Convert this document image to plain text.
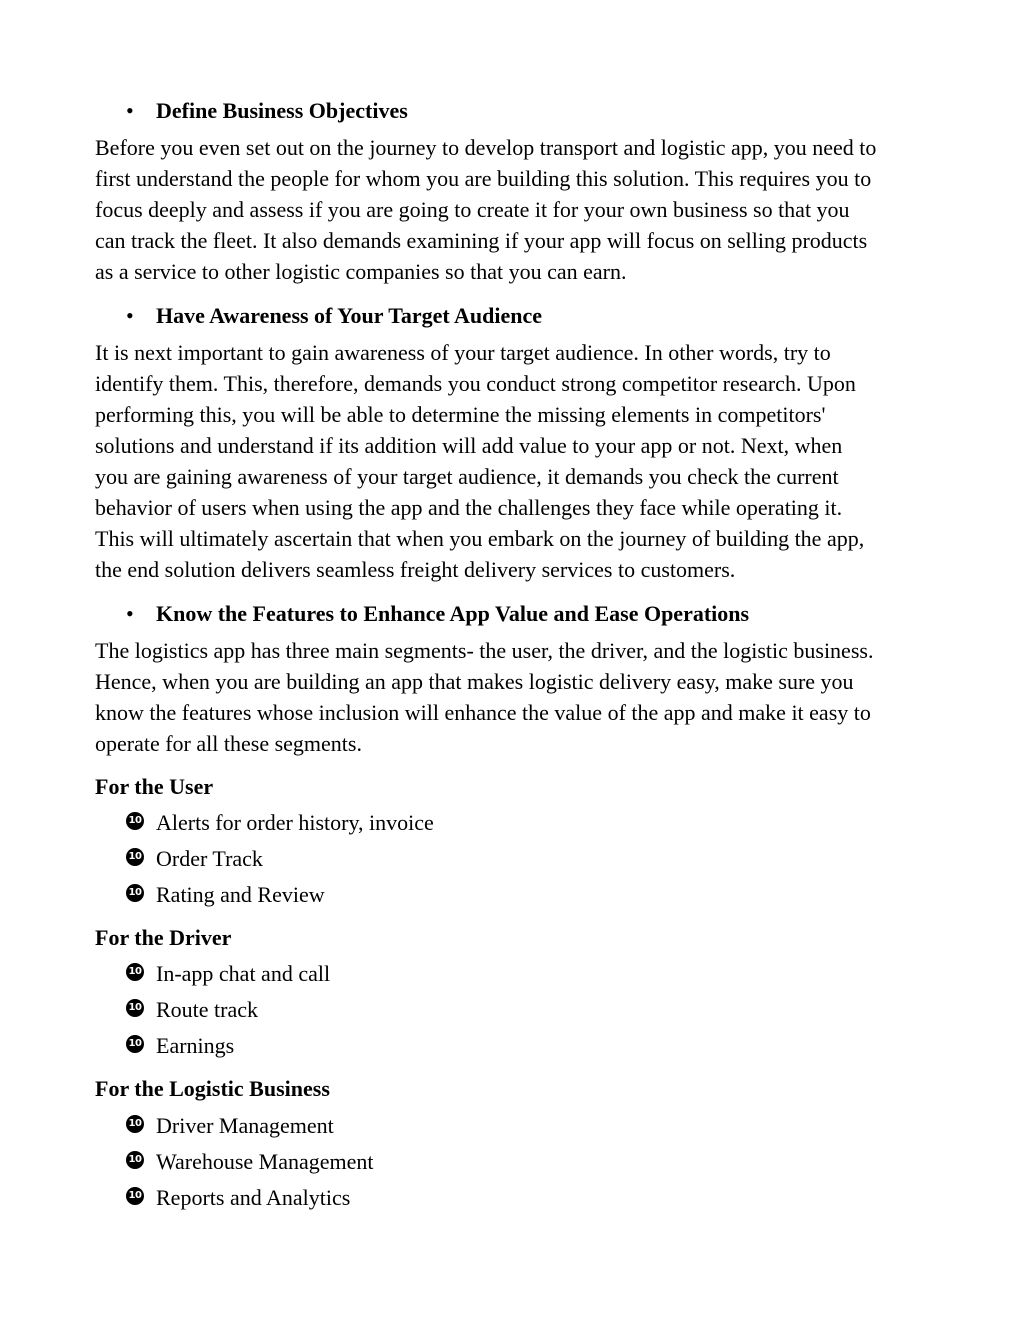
• Define Business Objectives
Before you even set out on the journey to develop transport and logistic app, you need to
first understand the people for whom you are building this solution. This requires you to
focus deeply and assess if you are going to create it for your own business so that you
can track the fleet. It also demands examining if your app will focus on selling products
as a service to other logistic companies so that you can earn.
• Have Awareness of Your Target Audience
It is next important to gain awareness of your target audience. In other words, try to
identify them. This, therefore, demands you conduct strong competitor research. Upon
performing this, you will be able to determine the missing elements in competitors'
solutions and understand if its addition will add value to your app or not. Next, when
you are gaining awareness of your target audience, it demands you check the current
behavior of users when using the app and the challenges they face while operating it.
This will ultimately ascertain that when you embark on the journey of building the app,
the end solution delivers seamless freight delivery services to customers.
• Know the Features to Enhance App Value and Ease Operations
The logistics app has three main segments- the user, the driver, and the logistic business.
Hence, when you are building an app that makes logistic delivery easy, make sure you
know the features whose inclusion will enhance the value of the app and make it easy to
operate for all these segments.
For the User
10 Alerts for order history, invoice
10 Order Track
10 Rating and Review
For the Driver
10 In-app chat and call
10 Route track
10 Earnings
For the Logistic Business
10 Driver Management
10 Warehouse Management
10 Reports and Analytics
